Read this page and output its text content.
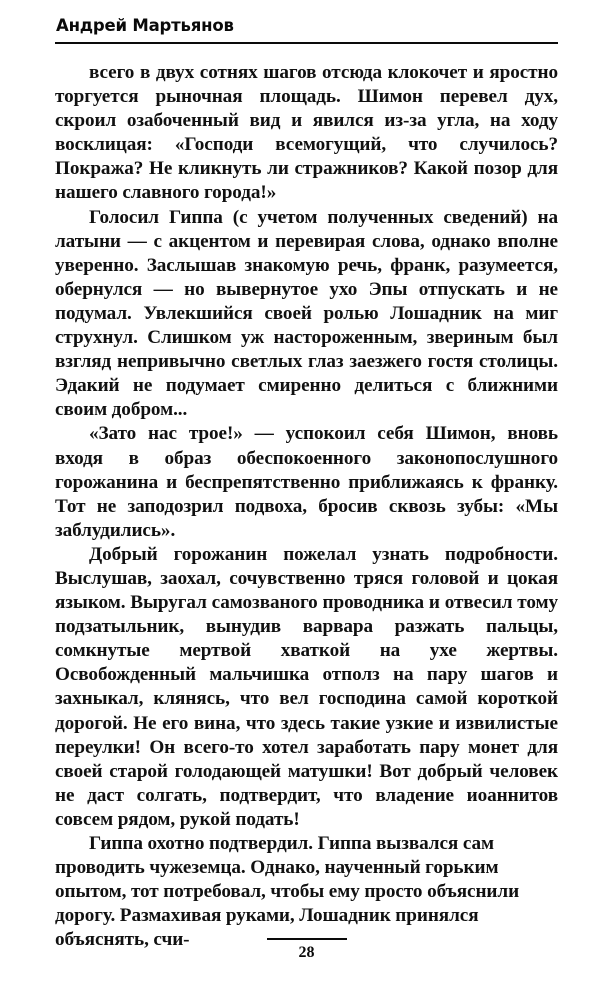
Андрей Мартьянов

всего в двух сотнях шагов отсюда клокочет и яростно торгуется рыночная площадь. Шимон перевел дух, скроил озабоченный вид и явился из-за угла, на ходу восклицая: «Господи всемогущий, что случилось? Покража? Не кликнуть ли стражников? Какой позор для нашего славного города!»

Голосил Гиппа (с учетом полученных сведений) на латыни — с акцентом и перевирая слова, однако вполне уверенно. Заслышав знакомую речь, франк, разумеется, обернулся — но вывернутое ухо Эпы отпускать и не подумал. Увлекшийся своей ролью Лошадник на миг струхнул. Слишком уж настороженным, звериным был взгляд непривычно светлых глаз заезжего гостя столицы. Эдакий не подумает смиренно делиться с ближними своим добром...

«Зато нас трое!» — успокоил себя Шимон, вновь входя в образ обеспокоенного законопослушного горожанина и беспрепятственно приближаясь к франку. Тот не заподозрил подвоха, бросив сквозь зубы: «Мы заблудились».

Добрый горожанин пожелал узнать подробности. Выслушав, заохал, сочувственно тряся головой и цокая языком. Выругал самозваного проводника и отвесил тому подзатыльник, вынудив варвара разжать пальцы, сомкнутые мертвой хваткой на ухе жертвы. Освобожденный мальчишка отполз на пару шагов и захныкал, клянясь, что вел господина самой короткой дорогой. Не его вина, что здесь такие узкие и извилистые переулки! Он всего-то хотел заработать пару монет для своей старой голодающей матушки! Вот добрый человек не даст солгать, подтвердит, что владение иоаннитов совсем рядом, рукой подать!

Гиппа охотно подтвердил. Гиппа вызвался сам проводить чужеземца. Однако, наученный горьким опытом, тот потребовал, чтобы ему просто объяснили дорогу. Размахивая руками, Лошадник принялся объяснять, счи-

28
